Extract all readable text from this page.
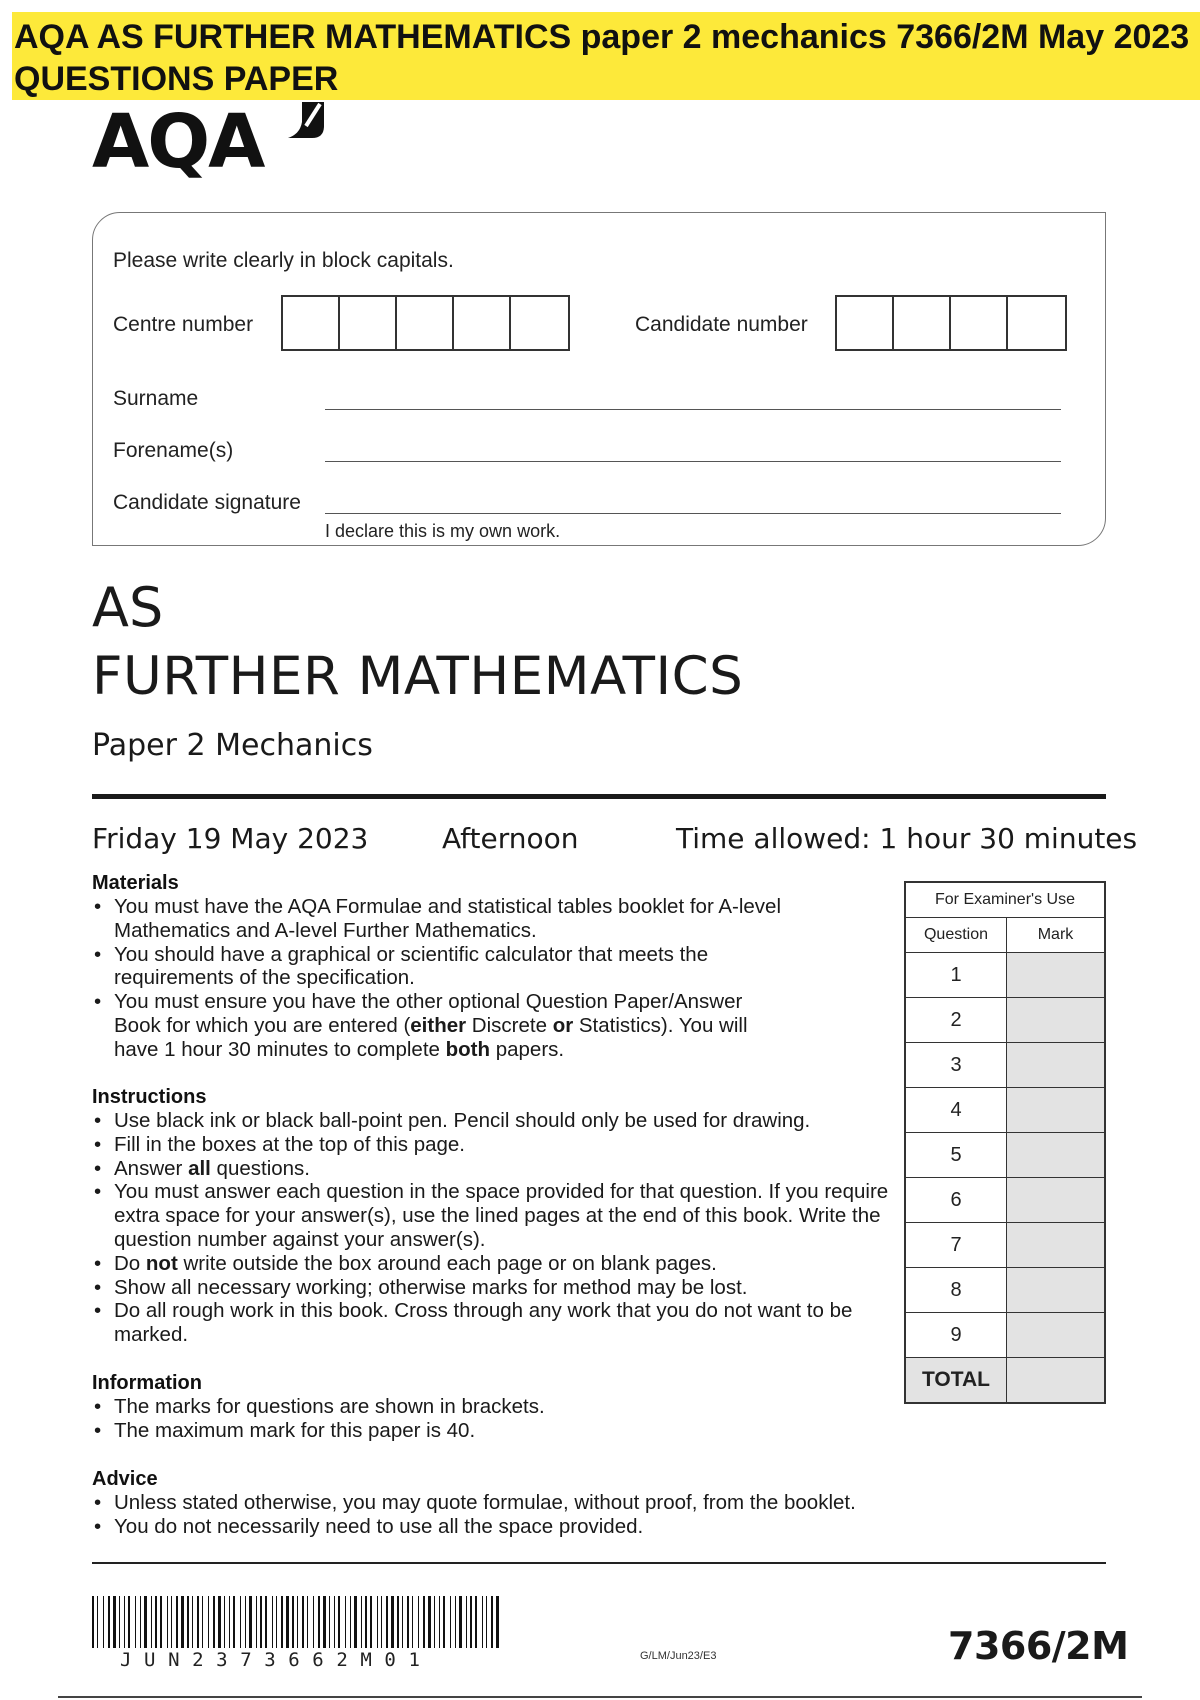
AQA AS FURTHER MATHEMATICS paper 2 mechanics 7366/2M May 2023 QUESTIONS PAPER

AQA
Please write clearly in block capitals.
Centre number	Candidate number
Surname
Forename(s)
Candidate signature
I declare this is my own work.
AS
FURTHER MATHEMATICS
Paper 2 Mechanics
Friday 19 May 2023	Afternoon	Time allowed: 1 hour 30 minutes
Materials
• You must have the AQA Formulae and statistical tables booklet for A-level Mathematics and A-level Further Mathematics.
• You should have a graphical or scientific calculator that meets the requirements of the specification.
• You must ensure you have the other optional Question Paper/Answer Book for which you are entered (either Discrete or Statistics). You will have 1 hour 30 minutes to complete both papers.
Instructions
• Use black ink or black ball-point pen. Pencil should only be used for drawing.
• Fill in the boxes at the top of this page.
• Answer all questions.
• You must answer each question in the space provided for that question. If you require extra space for your answer(s), use the lined pages at the end of this book. Write the question number against your answer(s).
• Do not write outside the box around each page or on blank pages.
• Show all necessary working; otherwise marks for method may be lost.
• Do all rough work in this book. Cross through any work that you do not want to be marked.
Information
• The marks for questions are shown in brackets.
• The maximum mark for this paper is 40.
Advice
• Unless stated otherwise, you may quote formulae, without proof, from the booklet.
• You do not necessarily need to use all the space provided.
For Examiner's Use	
Question	Mark
1	
2	
3	
4	
5	
6	
7	
8	
9	
TOTAL	
JUN2373662M01	G/LM/Jun23/E3	7366/2M
